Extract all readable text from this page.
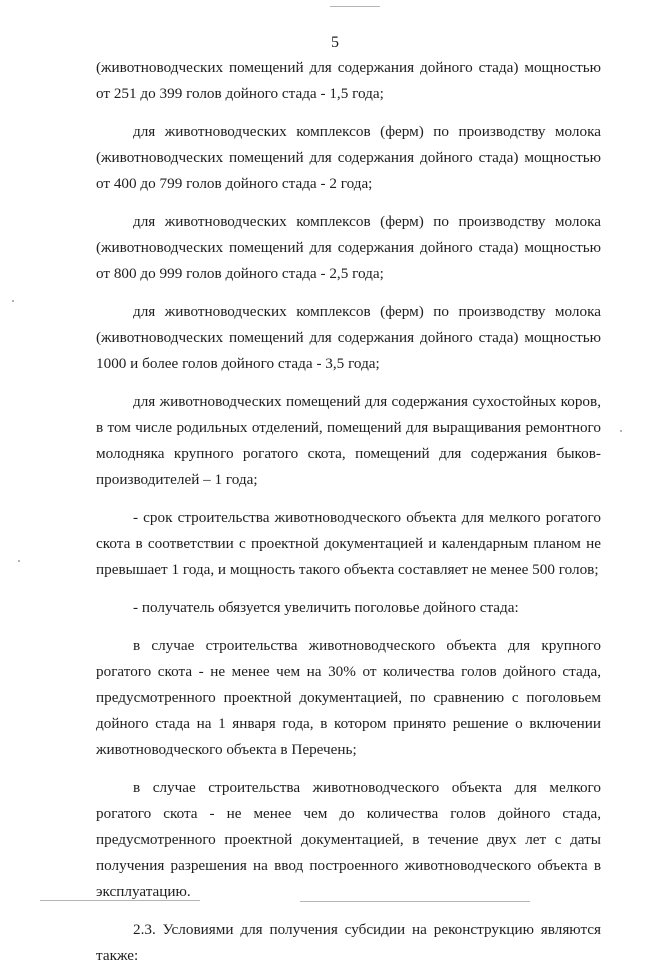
5

(животноводческих помещений для содержания дойного стада) мощностью от 251 до 399 голов дойного стада - 1,5 года;

для животноводческих комплексов (ферм) по производству молока (животноводческих помещений для содержания дойного стада) мощностью от 400 до 799 голов дойного стада - 2 года;

для животноводческих комплексов (ферм) по производству молока (животноводческих помещений для содержания дойного стада) мощностью от 800 до 999 голов дойного стада - 2,5 года;

для животноводческих комплексов (ферм) по производству молока (животноводческих помещений для содержания дойного стада) мощностью 1000 и более голов дойного стада - 3,5 года;

для животноводческих помещений для содержания сухостойных коров, в том числе родильных отделений, помещений для выращивания ремонтного молодняка крупного рогатого скота, помещений для содержания быков-производителей – 1 года;

- срок строительства животноводческого объекта для мелкого рогатого скота в соответствии с проектной документацией и календарным планом не превышает 1 года, и мощность такого объекта составляет не менее 500 голов;

- получатель обязуется увеличить поголовье дойного стада:

в случае строительства животноводческого объекта для крупного рогатого скота - не менее чем на 30% от количества голов дойного стада, предусмотренного проектной документацией, по сравнению с поголовьем дойного стада на 1 января года, в котором принято решение о включении животноводческого объекта в Перечень;

в случае строительства животноводческого объекта для мелкого рогатого скота - не менее чем до количества голов дойного стада, предусмотренного проектной документацией, в течение двух лет с даты получения разрешения на ввод построенного животноводческого объекта в эксплуатацию.

2.3. Условиями для получения субсидии на реконструкцию являются также:
